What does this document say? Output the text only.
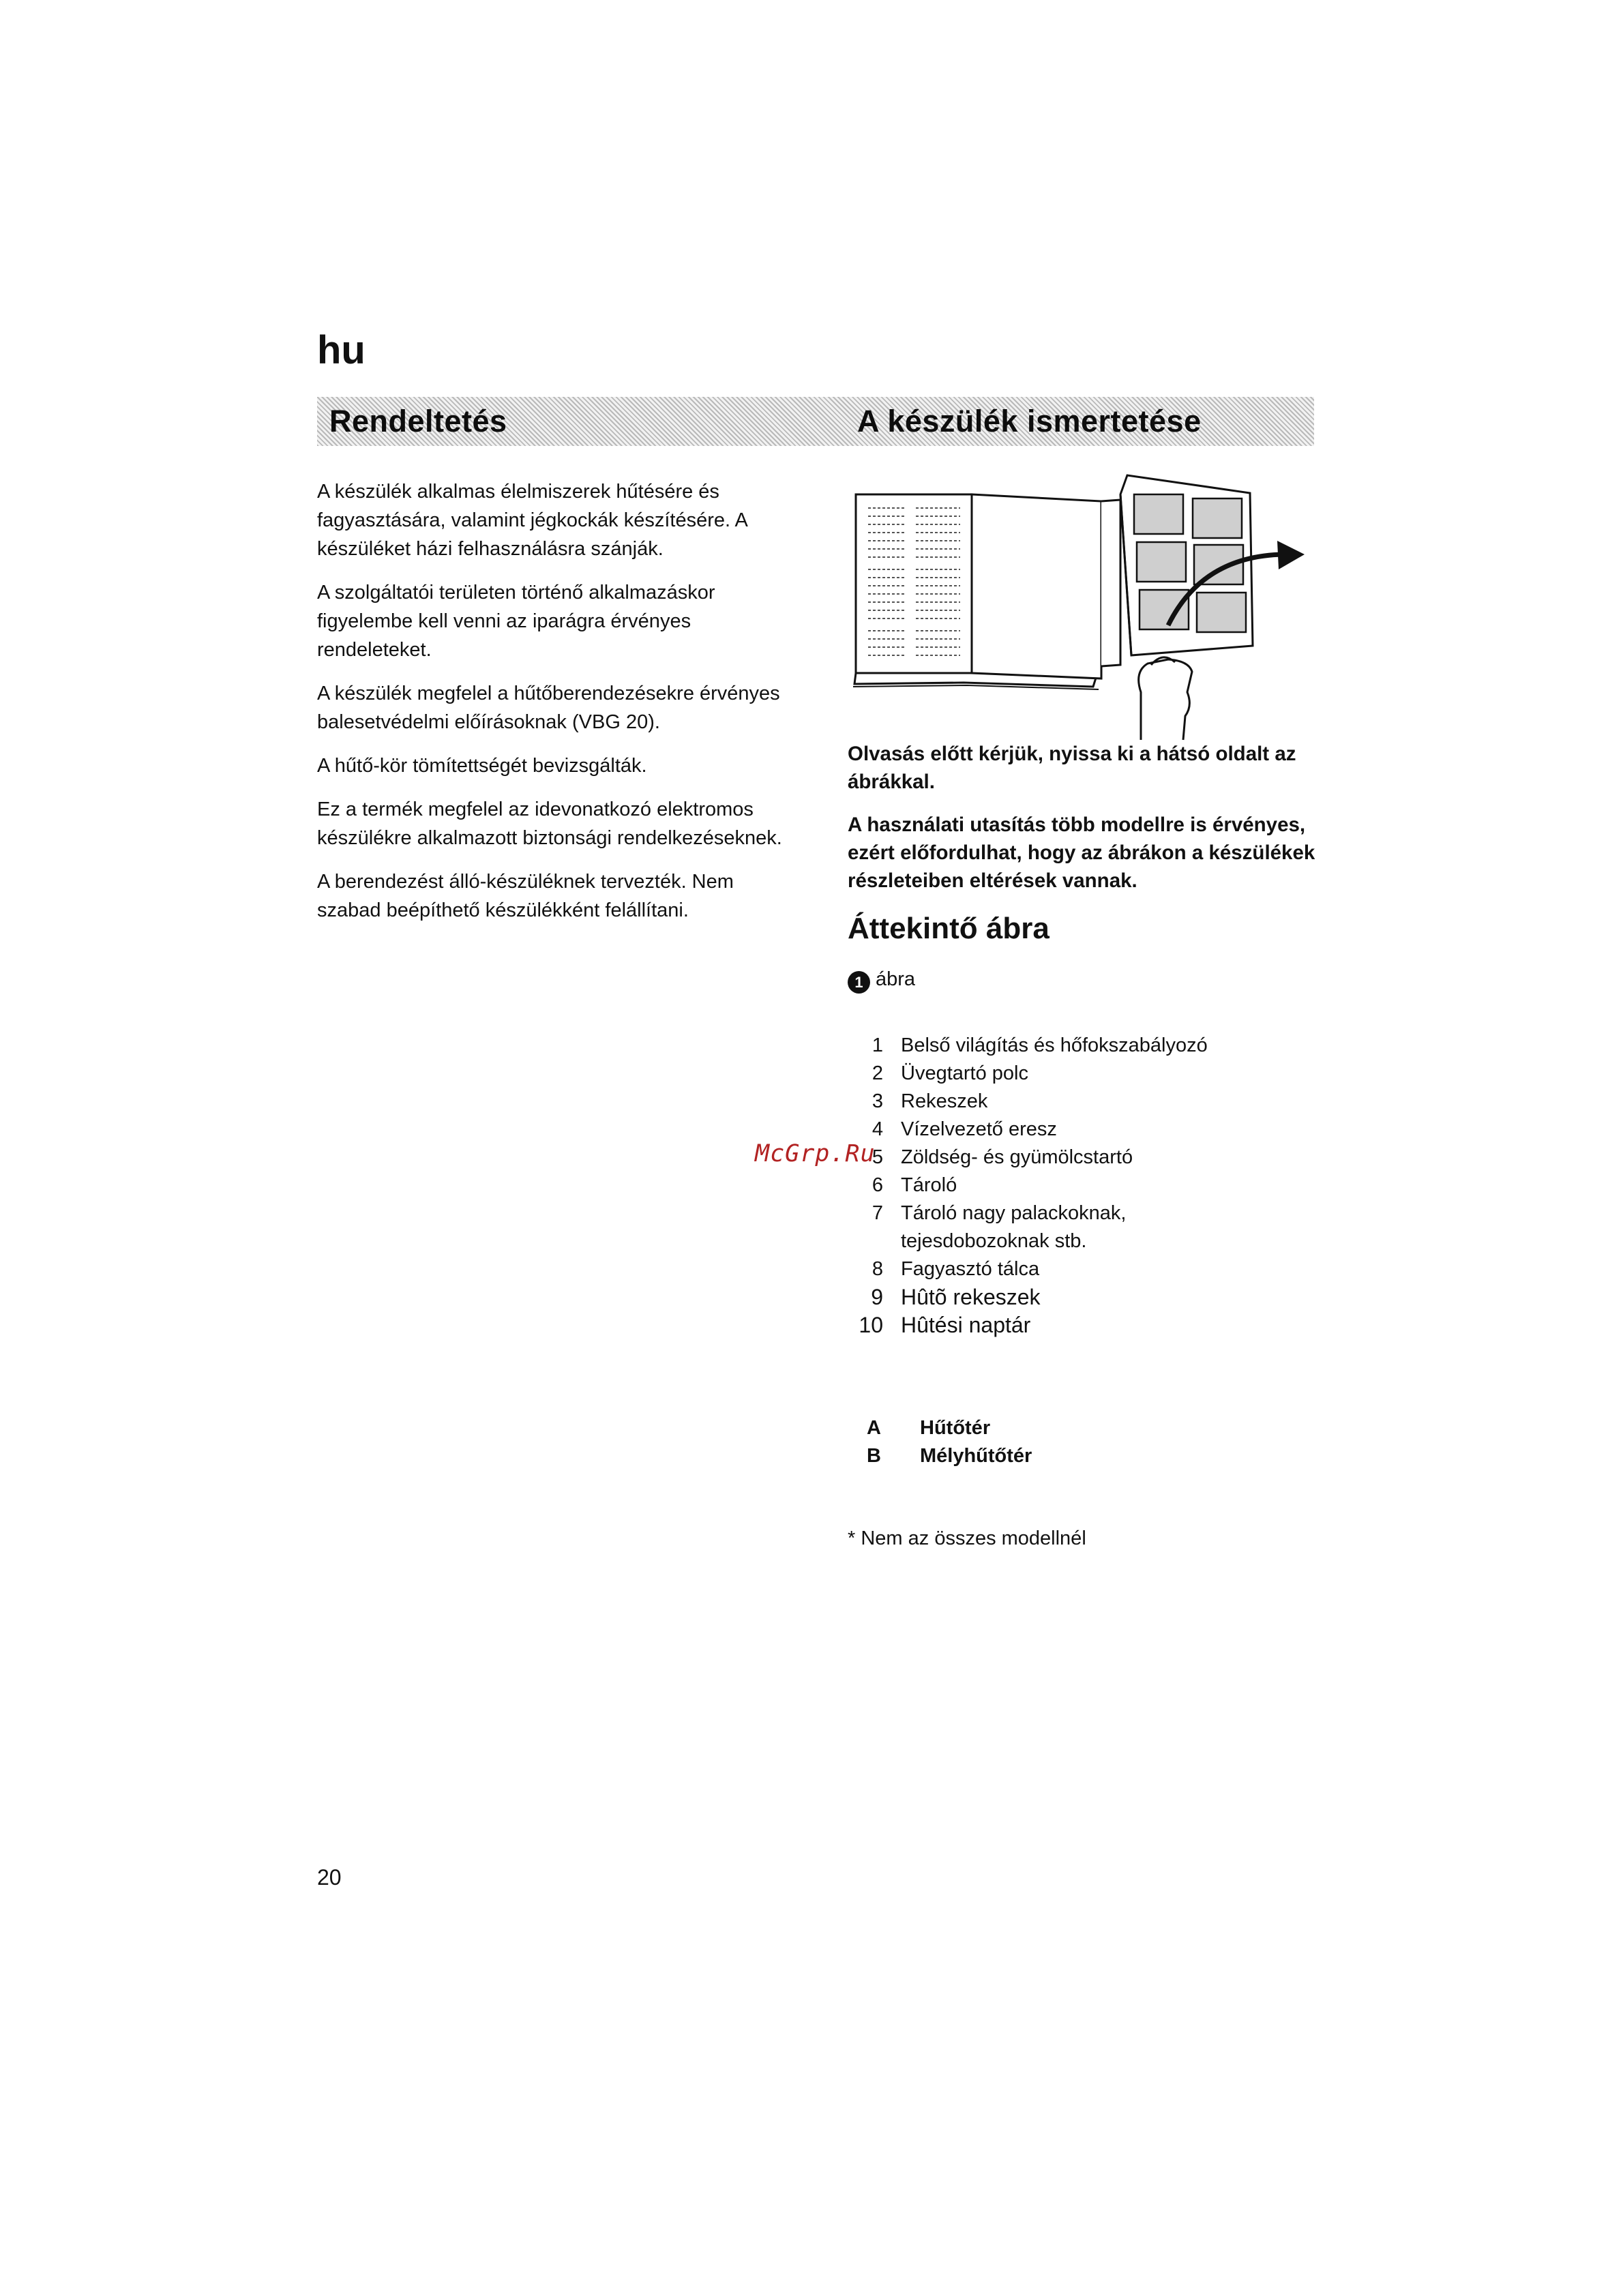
hu
Rendeltetés	A készülék ismertetése

A készülék alkalmas élelmiszerek hűtésére és fagyasztására, valamint jégkockák készítésére. A készüléket házi felhasználásra szánják.

A szolgáltatói területen történő alkalmazáskor figyelembe kell venni az iparágra érvényes rendeleteket.

A készülék megfelel a hűtőberendezésekre érvényes balesetvédelmi előírásoknak (VBG 20).

A hűtő-kör tömítettségét bevizsgálták.

Ez a termék megfelel az idevonatkozó elektromos készülékre alkalmazott biztonsági rendelkezéseknek.

A berendezést álló-készüléknek tervezték. Nem szabad beépíthető készülékként felállítani.

Olvasás előtt kérjük, nyissa ki a hátsó oldalt az ábrákkal.

A használati utasítás több modellre is érvényes, ezért előfordulhat, hogy az ábrákon a készülékek részleteiben eltérések vannak.

Áttekintő ábra
1 ábra
1 Belső világítás és hőfokszabályozó
2 Üvegtartó polc
3 Rekeszek
4 Vízelvezető eresz
5 Zöldség- és gyümölcstartó
6 Tároló
7 Tároló nagy palackoknak, tejesdobozoknak stb.
8 Fagyasztó tálca
9 Hûtõ rekeszek
10 Hûtési naptár
A	Hűtőtér
B	Mélyhűtőtér
* Nem az összes modellnél
McGrp.Ru
20
